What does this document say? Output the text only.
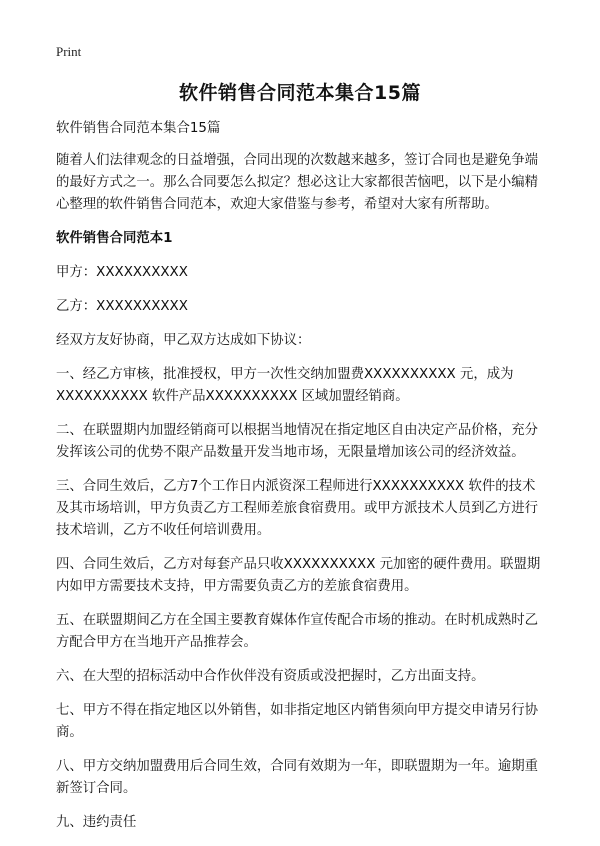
Print
软件销售合同范本集合15篇

软件销售合同范本集合15篇

随着人们法律观念的日益增强，合同出现的次数越来越多，签订合同也是避免争端的最好方式之一。那么合同要怎么拟定？想必这让大家都很苦恼吧，以下是小编精心整理的软件销售合同范本，欢迎大家借鉴与参考，希望对大家有所帮助。

软件销售合同范本1

甲方：XXXXXXXXXX

乙方：XXXXXXXXXX

经双方友好协商，甲乙双方达成如下协议：

一、经乙方审核，批准授权，甲方一次性交纳加盟费XXXXXXXXXX 元，成为XXXXXXXXXX 软件产品XXXXXXXXXX 区域加盟经销商。

二、在联盟期内加盟经销商可以根据当地情况在指定地区自由决定产品价格，充分发挥该公司的优势不限产品数量开发当地市场，无限量增加该公司的经济效益。

三、合同生效后，乙方7个工作日内派资深工程师进行XXXXXXXXXX 软件的技术及其市场培训，甲方负责乙方工程师差旅食宿费用。或甲方派技术人员到乙方进行技术培训，乙方不收任何培训费用。

四、合同生效后，乙方对每套产品只收XXXXXXXXXX 元加密的硬件费用。联盟期内如甲方需要技术支持，甲方需要负责乙方的差旅食宿费用。

五、在联盟期间乙方在全国主要教育媒体作宣传配合市场的推动。在时机成熟时乙方配合甲方在当地开产品推荐会。

六、在大型的招标活动中合作伙伴没有资质或没把握时，乙方出面支持。

七、甲方不得在指定地区以外销售，如非指定地区内销售须向甲方提交申请另行协商。

八、甲方交纳加盟费用后合同生效，合同有效期为一年，即联盟期为一年。逾期重新签订合同。

九、违约责任
